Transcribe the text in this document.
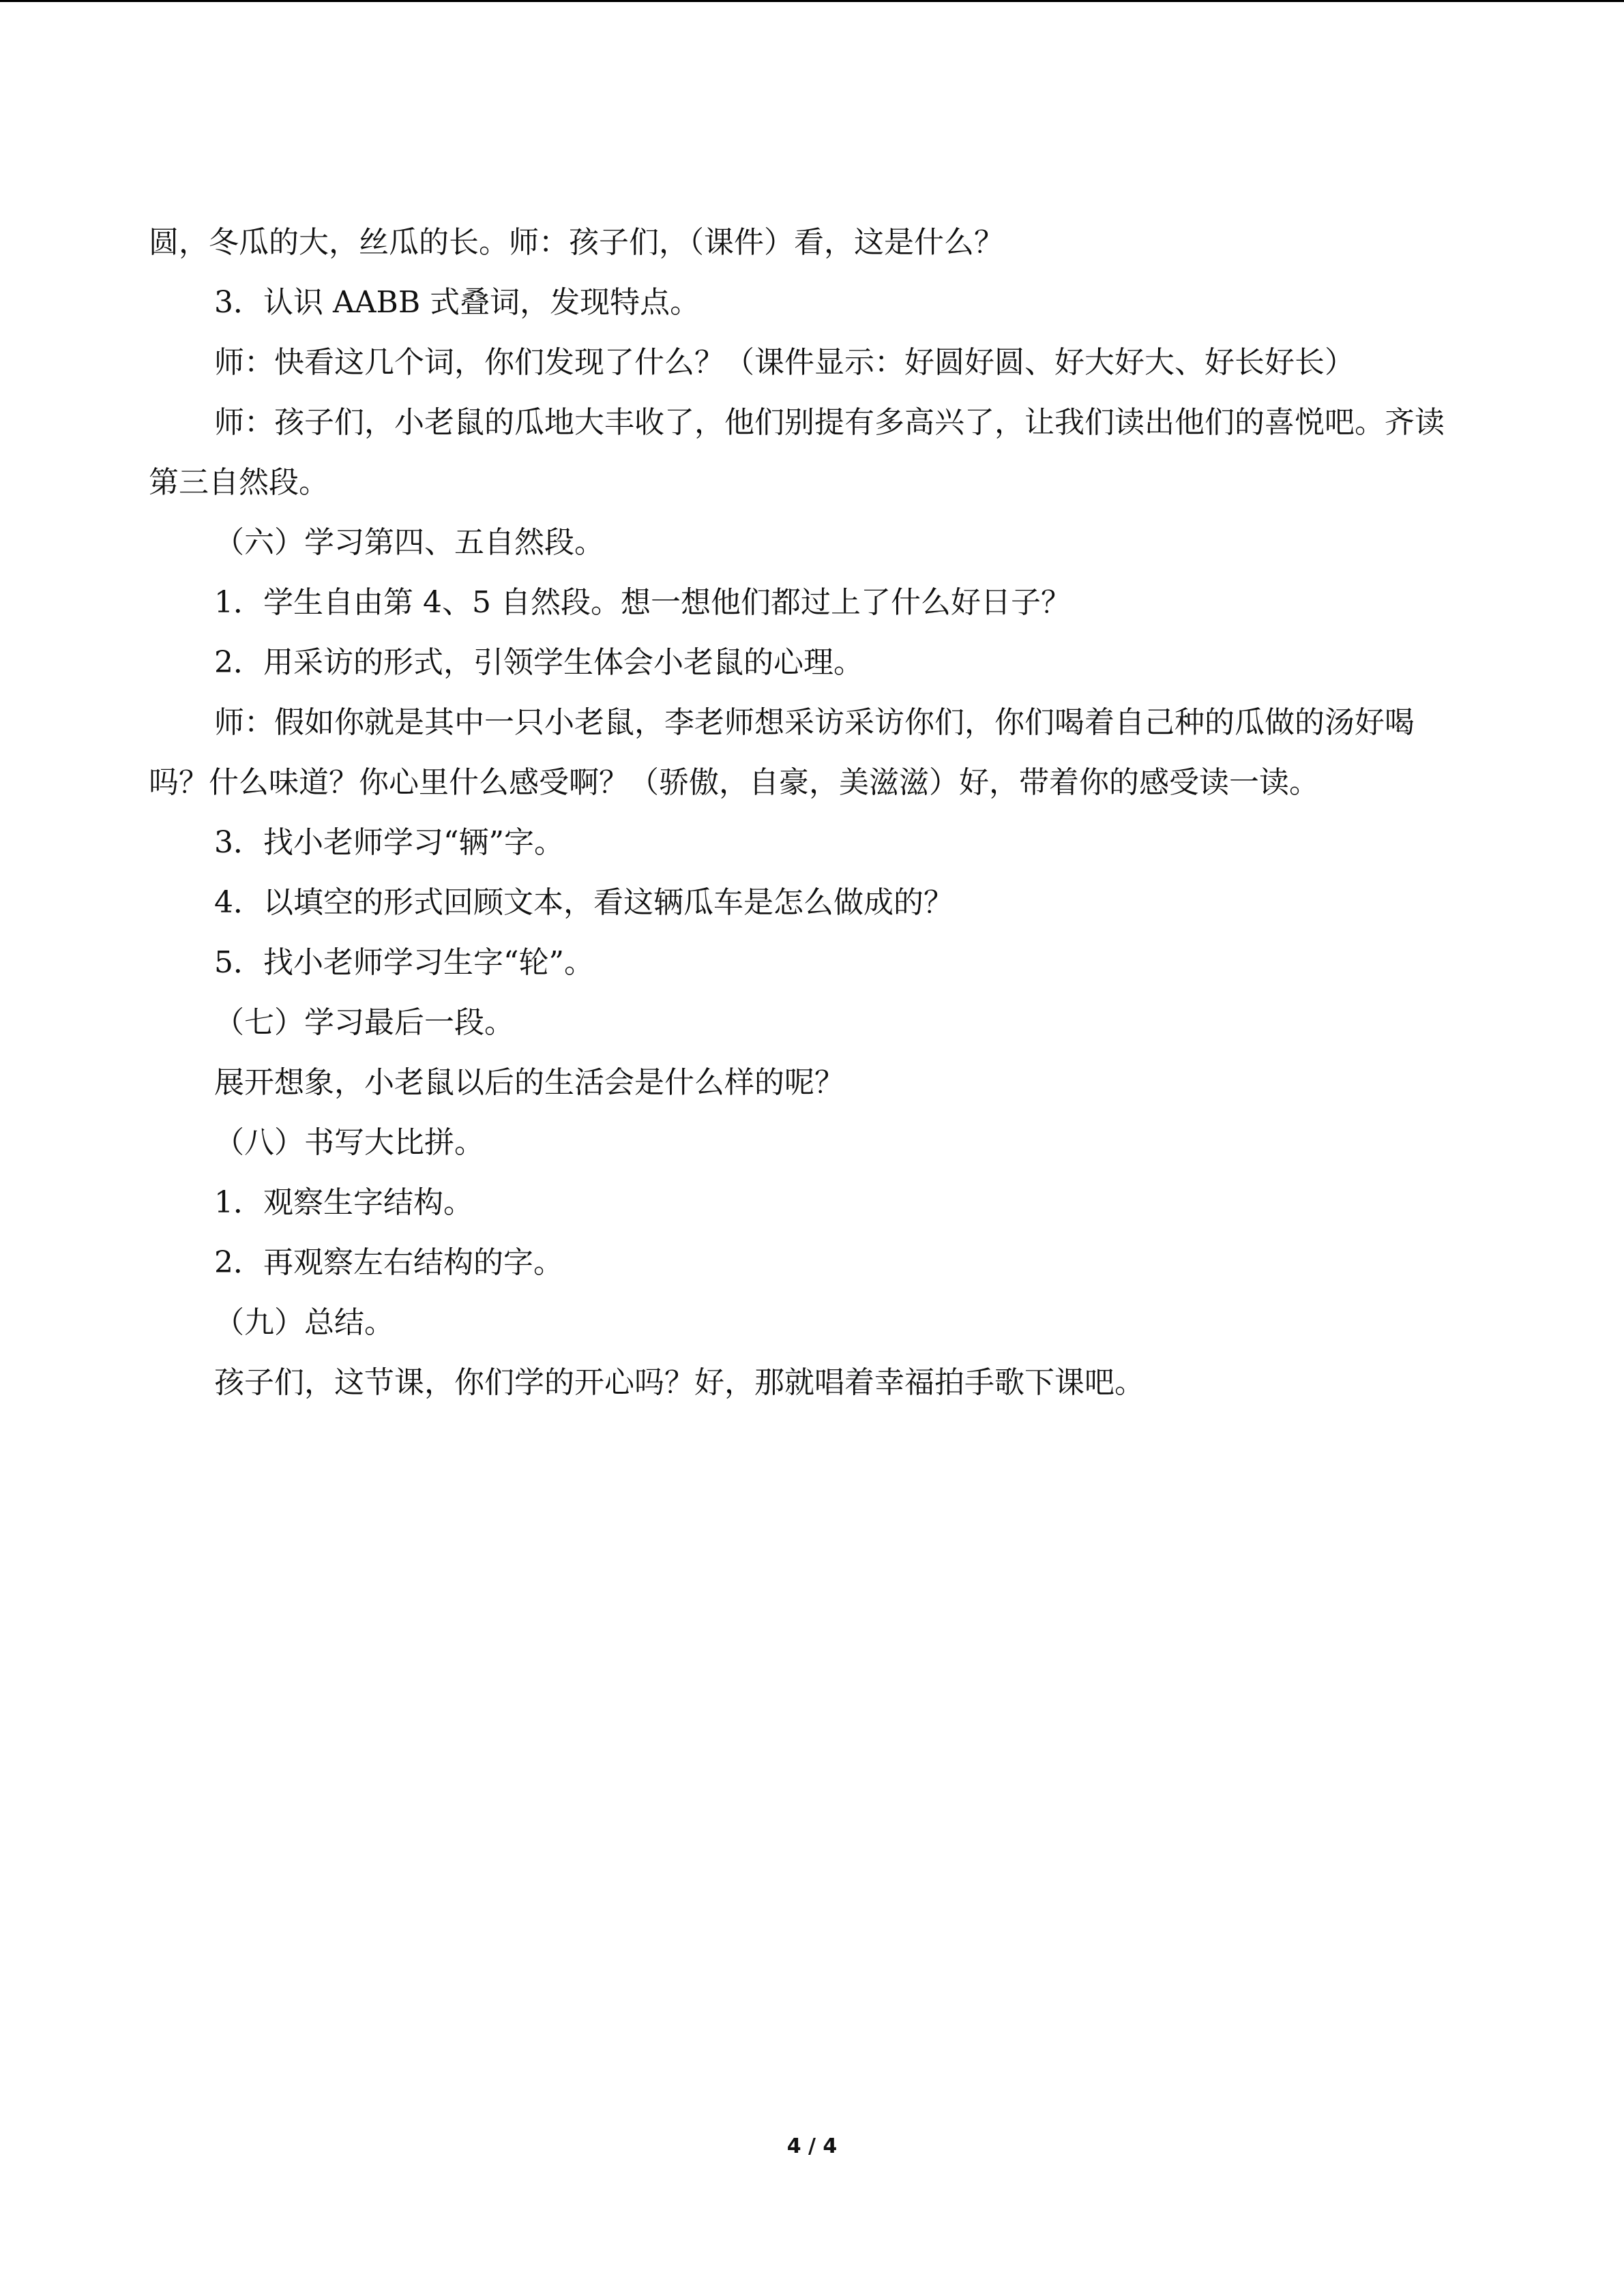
圆，冬瓜的大，丝瓜的长。师：孩子们，（课件）看，这是什么？

3．认识 AABB 式叠词，发现特点。

师：快看这几个词，你们发现了什么？（课件显示：好圆好圆、好大好大、好长好长）

师：孩子们，小老鼠的瓜地大丰收了，他们别提有多高兴了，让我们读出他们的喜悦吧。齐读第三自然段。

（六）学习第四、五自然段。

1．学生自由第 4、5 自然段。想一想他们都过上了什么好日子？

2．用采访的形式，引领学生体会小老鼠的心理。

师：假如你就是其中一只小老鼠，李老师想采访采访你们，你们喝着自己种的瓜做的汤好喝吗？什么味道？你心里什么感受啊？（骄傲，自豪，美滋滋）好，带着你的感受读一读。

3．找小老师学习“辆”字。

4．以填空的形式回顾文本，看这辆瓜车是怎么做成的？

5．找小老师学习生字“轮”。

（七）学习最后一段。

展开想象，小老鼠以后的生活会是什么样的呢？

（八）书写大比拼。

1．观察生字结构。

2．再观察左右结构的字。

（九）总结。

孩子们，这节课，你们学的开心吗？好，那就唱着幸福拍手歌下课吧。

4 / 4
